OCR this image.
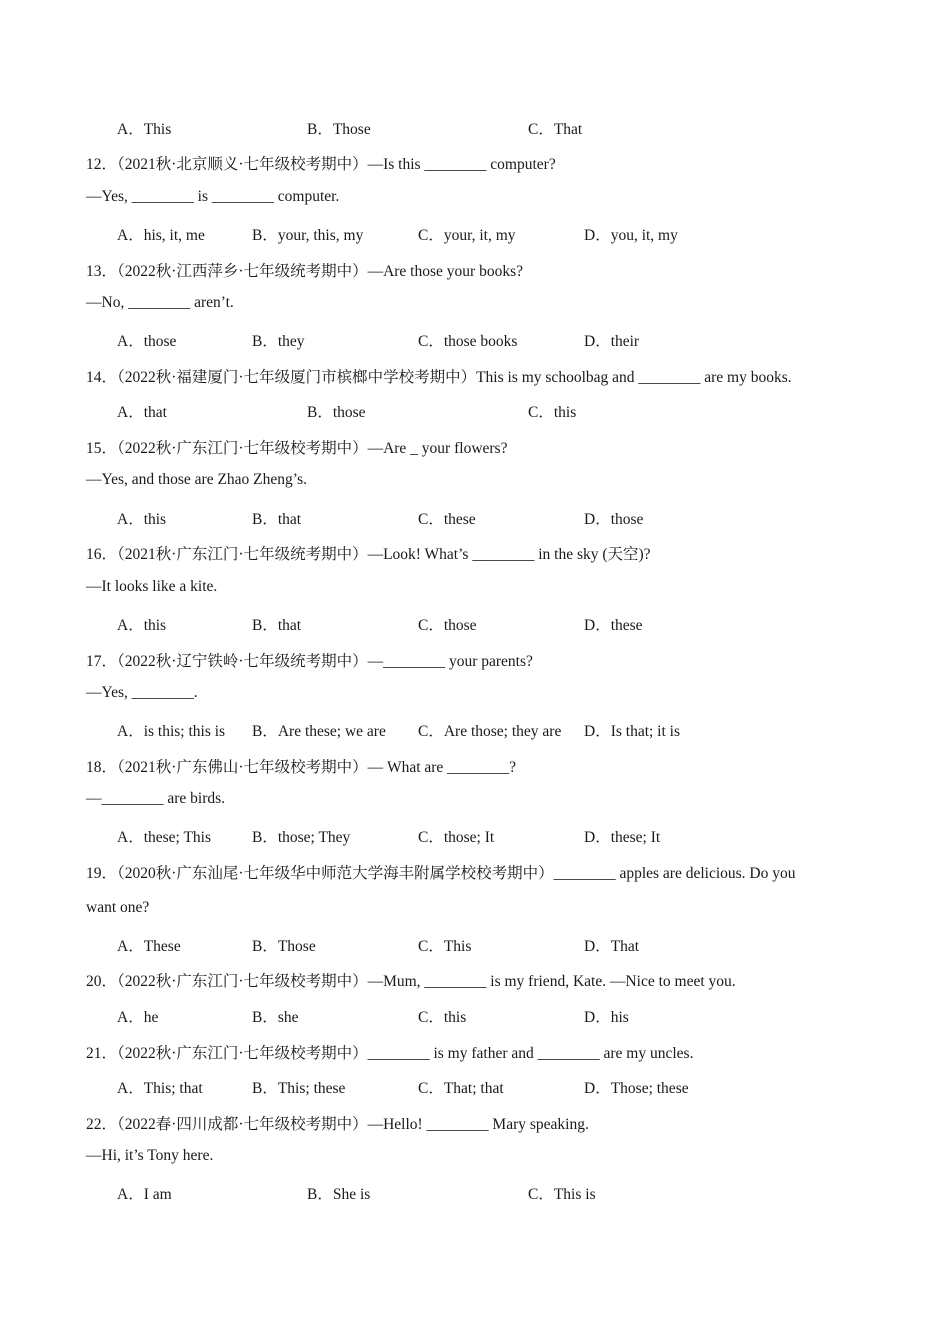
A．This	B．Those	C．That
12．（2021秋·北京顺义·七年级校考期中）—Is this ________ computer?
—Yes, ________ is ________ computer.
A．his, it, me	B．your, this, my	C．your, it, my	D．you, it, my
13．（2022秋·江西萍乡·七年级统考期中）—Are those your books?
—No, ________ aren’t.
A．those	B．they	C．those books	D．their
14．（2022秋·福建厦门·七年级厦门市槟榔中学校考期中）This is my schoolbag and ________ are my books.
A．that	B．those	C．this
15．（2022秋·广东江门·七年级校考期中）—Are _ your flowers?
—Yes, and those are Zhao Zheng’s.
A．this	B．that	C．these	D．those
16．（2021秋·广东江门·七年级统考期中）—Look! What’s ________ in the sky (天空)?
—It looks like a kite.
A．this	B．that	C．those	D．these
17．（2022秋·辽宁铁岭·七年级统考期中）—________ your parents?
—Yes, ________.
A．is this; this is B．Are these; we are C．Are those; they are D．Is that; it is
18．（2021秋·广东佛山·七年级校考期中）— What are ________?
—________ are birds.
A．these; This	B．those; They	C．those; It	D．these; It
19．（2020秋·广东汕尾·七年级华中师范大学海丰附属学校校考期中）________ apples are delicious. Do you
want one?
A．These	B．Those	C．This	D．That
20．（2022秋·广东江门·七年级校考期中）—Mum, ________ is my friend, Kate. —Nice to meet you.
A．he	B．she	C．this	D．his
21．（2022秋·广东江门·七年级校考期中）________ is my father and ________ are my uncles.
A．This; that	B．This; these	C．That; that	D．Those; these
22．（2022春·四川成都·七年级校考期中）—Hello! ________ Mary speaking.
—Hi, it’s Tony here.
A．I am	B．She is	C．This is
